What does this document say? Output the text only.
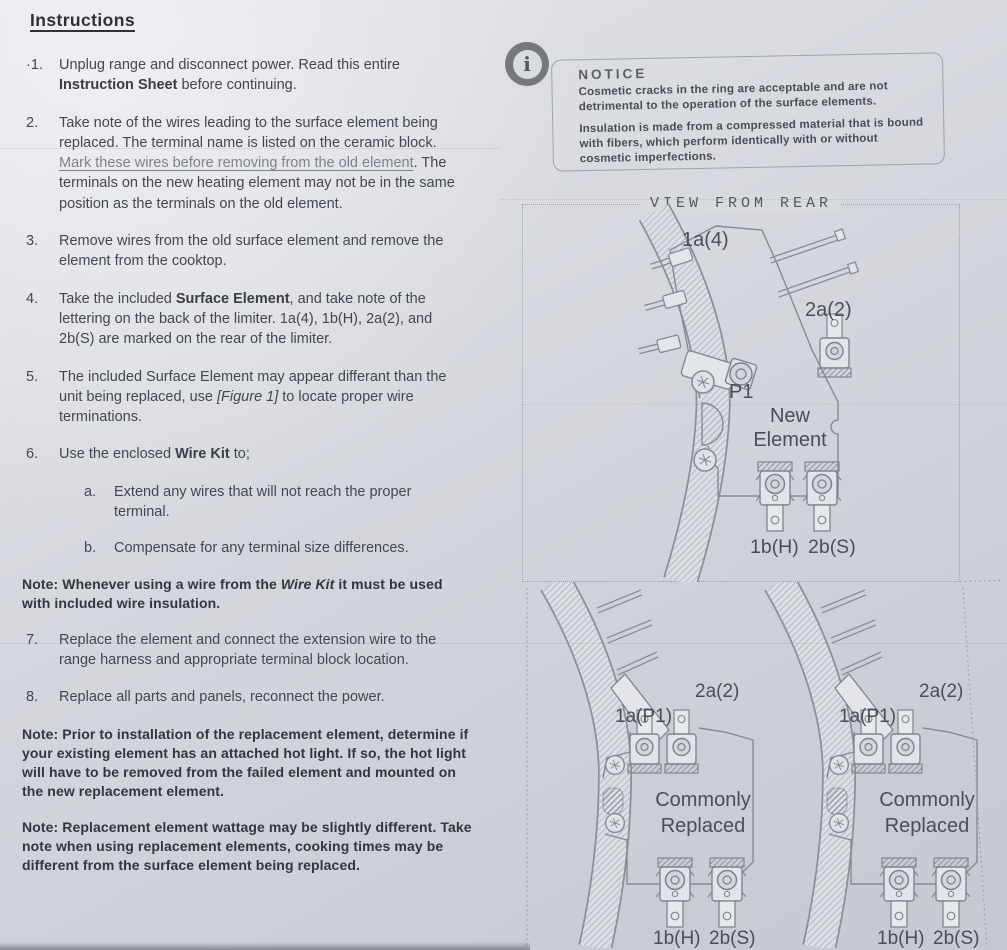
Instructions
·1.	Unplug range and disconnect power. Read this entire Instruction Sheet before continuing.

2.	Take note of the wires leading to the surface element being replaced. The terminal name is listed on the ceramic block. Mark these wires before removing from the old element. The terminals on the new heating element may not be in the same position as the terminals on the old element.

3.	Remove wires from the old surface element and remove the element from the cooktop.

4.	Take the included Surface Element, and take note of the lettering on the back of the limiter. 1a(4), 1b(H), 2a(2), and 2b(S) are marked on the rear of the limiter.

5.	The included Surface Element may appear differant than the unit being replaced, use [Figure 1] to locate proper wire terminations.

6.	Use the enclosed Wire Kit to;

a.	Extend any wires that will not reach the proper terminal.

b.	Compensate for any terminal size differences.

Note: Whenever using a wire from the Wire Kit it must be used with included wire insulation.

7.	Replace the element and connect the extension wire to the range harness and appropriate terminal block location.

8.	Replace all parts and panels, reconnect the power.

Note: Prior to installation of the replacement element, determine if your existing element has an attached hot light. If so, the hot light will have to be removed from the failed element and mounted on the new replacement element.

Note: Replacement element wattage may be slightly different. Take note when using replacement elements, cooking times may be different from the surface element being replaced.

i	NOTICE

Cosmetic cracks in the ring are acceptable and are not detrimental to the operation of the surface elements.

Insulation is made from a compressed material that is bound with fibers, which perform identically with or without cosmetic imperfections.

VIEW FROM REAR
1a(4)
2a(2)
P1
New
Element
1b(H) 2b(S)
2a(2)
1a(P1)
Commonly
Replaced
1b(H) 2b(S)
2a(2)
1a(P1)
Commonly
Replaced
1b(H) 2b(S)
